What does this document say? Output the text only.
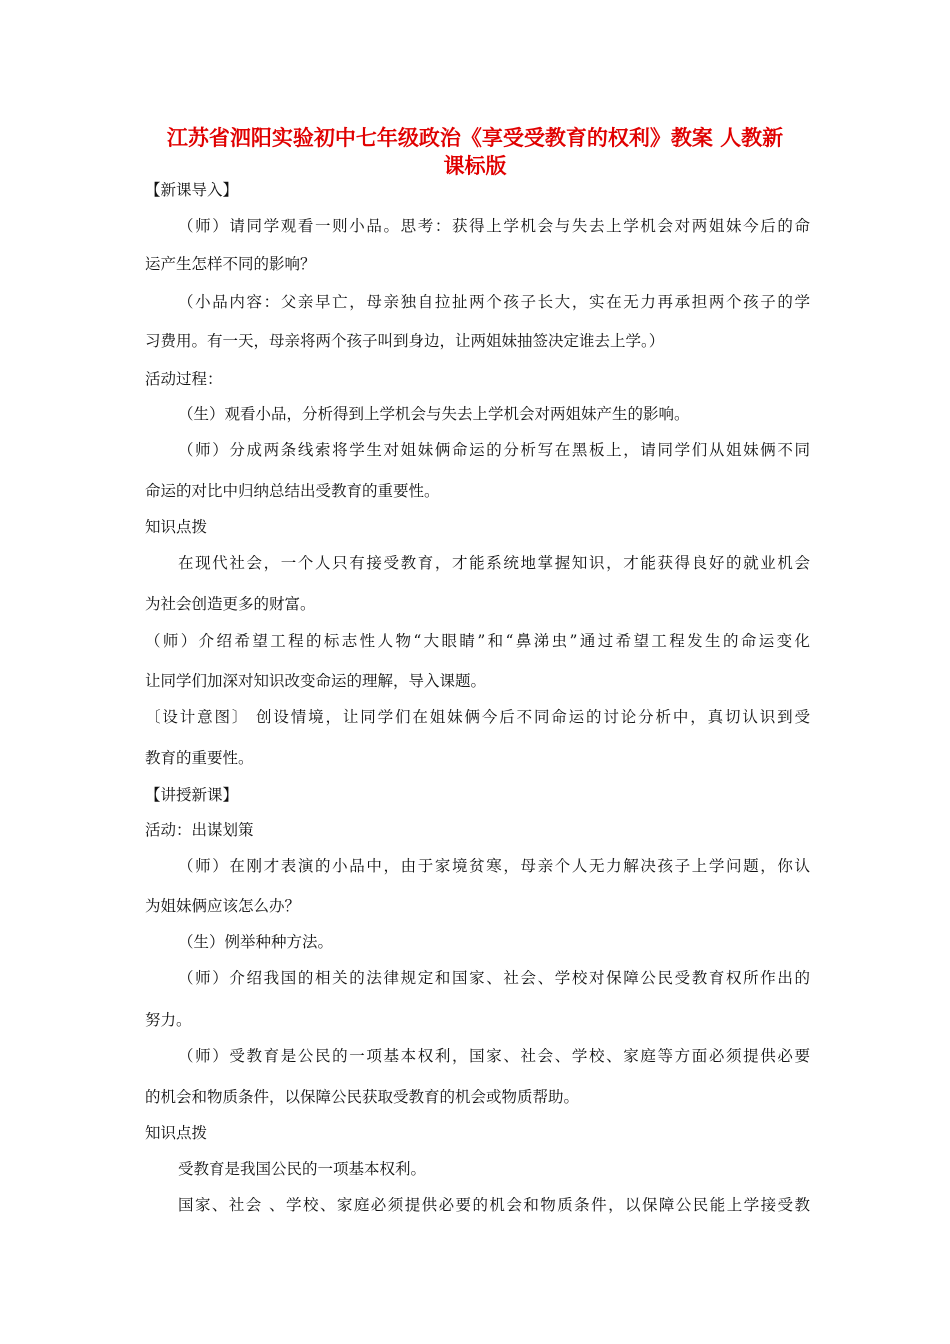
江苏省泗阳实验初中七年级政治《享受受教育的权利》教案 人教新
课标版

【新课导入】

（师）请同学观看一则小品。思考：获得上学机会与失去上学机会对两姐妹今后的命

运产生怎样不同的影响？

（小品内容：父亲早亡，母亲独自拉扯两个孩子长大，实在无力再承担两个孩子的学

习费用。有一天，母亲将两个孩子叫到身边，让两姐妹抽签决定谁去上学。）

活动过程：

（生）观看小品，分析得到上学机会与失去上学机会对两姐妹产生的影响。

（师）分成两条线索将学生对姐妹俩命运的分析写在黑板上，请同学们从姐妹俩不同

命运的对比中归纳总结出受教育的重要性。

知识点拨

在现代社会，一个人只有接受教育，才能系统地掌握知识，才能获得良好的就业机会

为社会创造更多的财富。

（师）介绍希望工程的标志性人物“大眼睛”和“鼻涕虫”通过希望工程发生的命运变化

让同学们加深对知识改变命运的理解，导入课题。

〔设计意图〕 创设情境，让同学们在姐妹俩今后不同命运的讨论分析中，真切认识到受

教育的重要性。

【讲授新课】

活动：出谋划策

（师）在刚才表演的小品中，由于家境贫寒，母亲个人无力解决孩子上学问题，你认

为姐妹俩应该怎么办？

（生）例举种种方法。

（师）介绍我国的相关的法律规定和国家、社会、学校对保障公民受教育权所作出的

努力。

（师）受教育是公民的一项基本权利，国家、社会、学校、家庭等方面必须提供必要

的机会和物质条件，以保障公民获取受教育的机会或物质帮助。

知识点拨

受教育是我国公民的一项基本权利。

国家、社会 、学校、家庭必须提供必要的机会和物质条件，以保障公民能上学接受教
